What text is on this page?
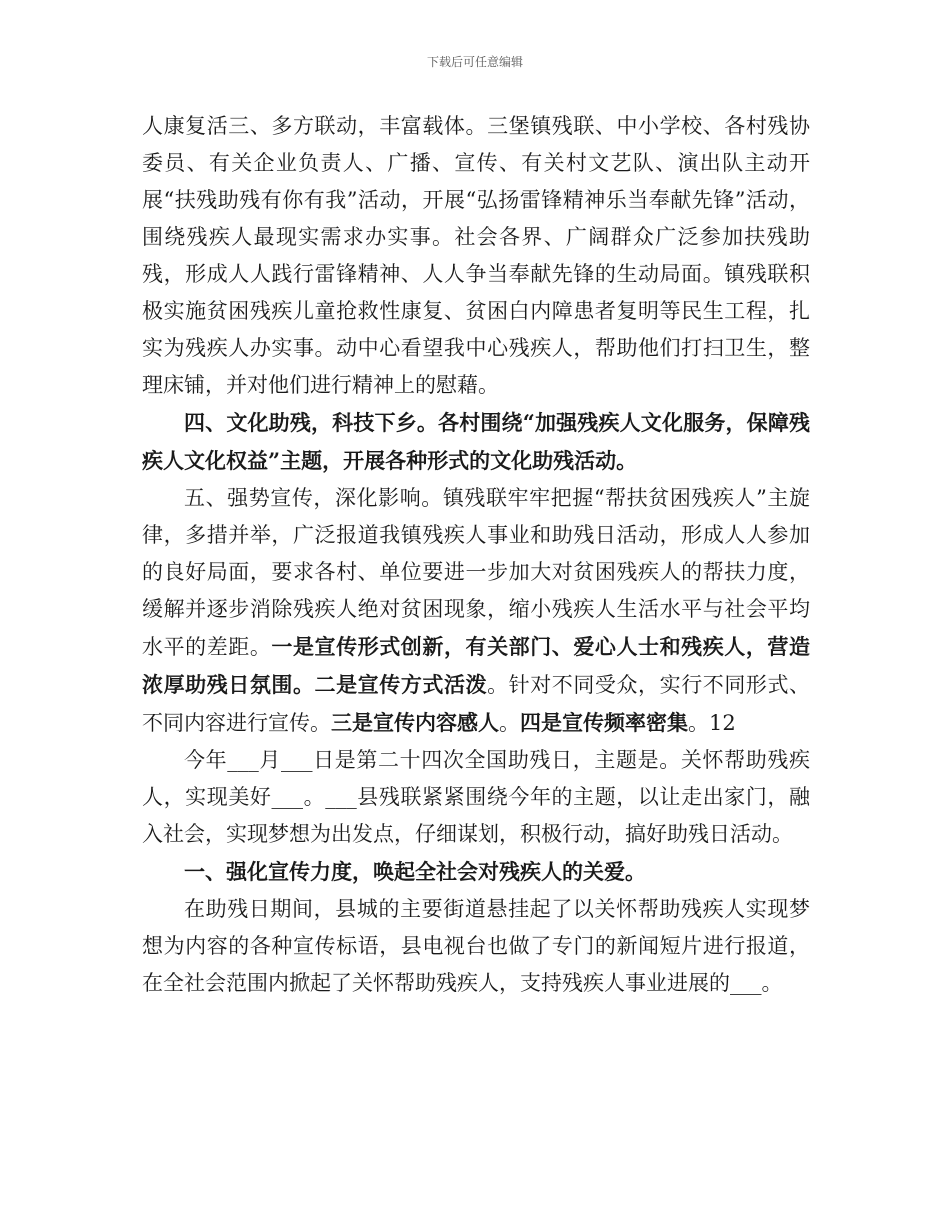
下载后可任意编辑

人康复活三、多方联动，丰富载体。三堡镇残联、中小学校、各村残协委员、有关企业负责人、广播、宣传、有关村文艺队、演出队主动开展“扶残助残有你有我”活动，开展“弘扬雷锋精神乐当奉献先锋”活动，围绕残疾人最现实需求办实事。社会各界、广阔群众广泛参加扶残助残，形成人人践行雷锋精神、人人争当奉献先锋的生动局面。镇残联积极实施贫困残疾儿童抢救性康复、贫困白内障患者复明等民生工程，扎实为残疾人办实事。动中心看望我中心残疾人，帮助他们打扫卫生，整理床铺，并对他们进行精神上的慰藉。

四、文化助残，科技下乡。各村围绕“加强残疾人文化服务，保障残疾人文化权益”主题，开展各种形式的文化助残活动。

五、强势宣传，深化影响。镇残联牢牢把握“帮扶贫困残疾人”主旋律，多措并举，广泛报道我镇残疾人事业和助残日活动，形成人人参加的良好局面，要求各村、单位要进一步加大对贫困残疾人的帮扶力度，缓解并逐步消除残疾人绝对贫困现象，缩小残疾人生活水平与社会平均水平的差距。一是宣传形式创新，有关部门、爱心人士和残疾人，营造浓厚助残日氛围。二是宣传方式活泼。针对不同受众，实行不同形式、不同内容进行宣传。三是宣传内容感人。四是宣传频率密集。12

今年___月___日是第二十四次全国助残日，主题是。关怀帮助残疾人，实现美好___。___县残联紧紧围绕今年的主题，以让走出家门，融入社会，实现梦想为出发点，仔细谋划，积极行动，搞好助残日活动。

一、强化宣传力度，唤起全社会对残疾人的关爱。

在助残日期间，县城的主要街道悬挂起了以关怀帮助残疾人实现梦想为内容的各种宣传标语，县电视台也做了专门的新闻短片进行报道，在全社会范围内掀起了关怀帮助残疾人，支持残疾人事业进展的___。
